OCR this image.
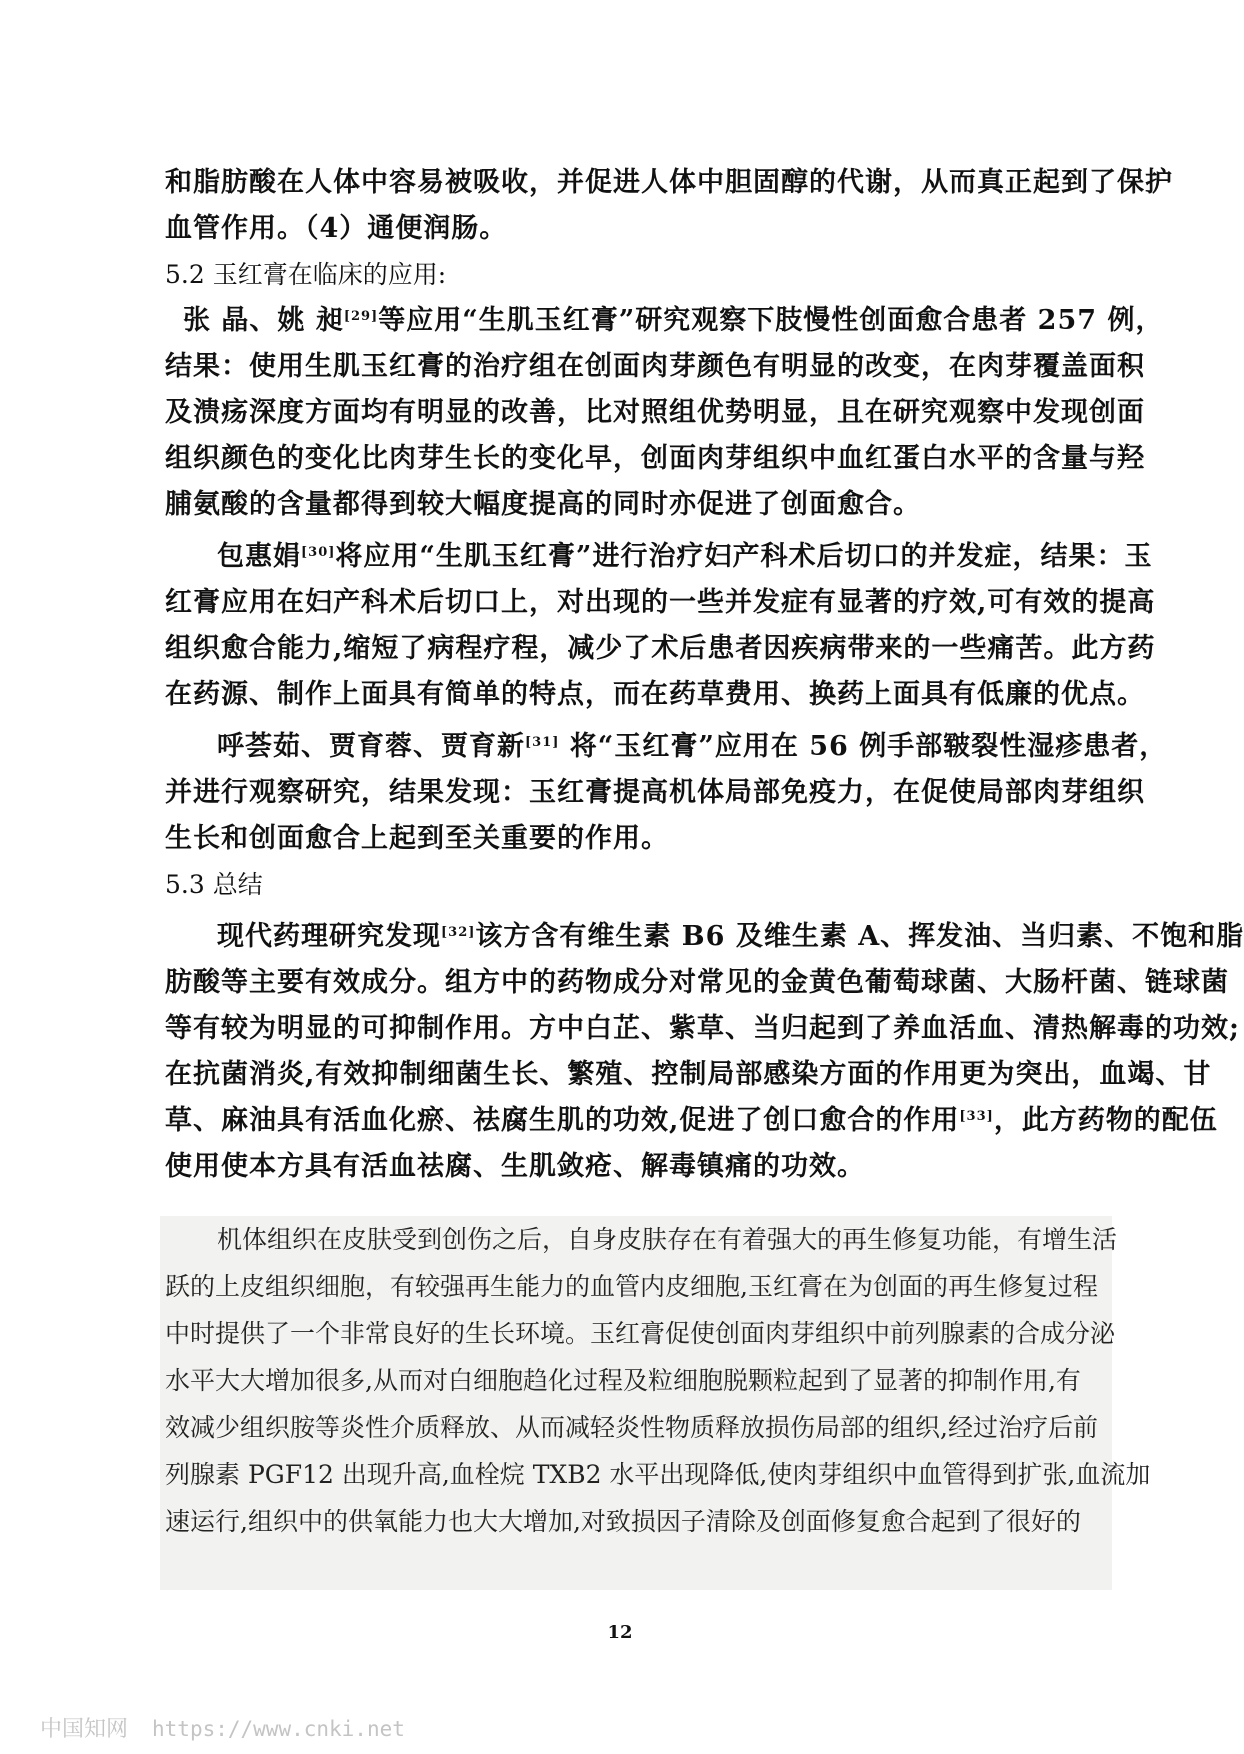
和脂肪酸在人体中容易被吸收，并促进人体中胆固醇的代谢，从而真正起到了保护
血管作用。（4）通便润肠。
5.2 玉红膏在临床的应用:
张 晶、姚 昶[29]等应用“生肌玉红膏”研究观察下肢慢性创面愈合患者 257 例，
结果：使用生肌玉红膏的治疗组在创面肉芽颜色有明显的改变，在肉芽覆盖面积
及溃疡深度方面均有明显的改善，比对照组优势明显，且在研究观察中发现创面
组织颜色的变化比肉芽生长的变化早，创面肉芽组织中血红蛋白水平的含量与羟
脯氨酸的含量都得到较大幅度提高的同时亦促进了创面愈合。
包惠娟[30]将应用“生肌玉红膏”进行治疗妇产科术后切口的并发症，结果：玉
红膏应用在妇产科术后切口上，对出现的一些并发症有显著的疗效,可有效的提高
组织愈合能力,缩短了病程疗程，减少了术后患者因疾病带来的一些痛苦。此方药
在药源、制作上面具有简单的特点，而在药草费用、换药上面具有低廉的优点。
呼荟茹、贾育蓉、贾育新[31] 将“玉红膏”应用在 56 例手部皲裂性湿疹患者，
并进行观察研究，结果发现：玉红膏提高机体局部免疫力，在促使局部肉芽组织
生长和创面愈合上起到至关重要的作用。
5.3 总结
现代药理研究发现[32]该方含有维生素 B6 及维生素 A、挥发油、当归素、不饱和脂
肪酸等主要有效成分。组方中的药物成分对常见的金黄色葡萄球菌、大肠杆菌、链球菌
等有较为明显的可抑制作用。方中白芷、紫草、当归起到了养血活血、清热解毒的功效;
在抗菌消炎,有效抑制细菌生长、繁殖、控制局部感染方面的作用更为突出，血竭、甘
草、麻油具有活血化瘀、祛腐生肌的功效,促进了创口愈合的作用[33]，此方药物的配伍
使用使本方具有活血祛腐、生肌敛疮、解毒镇痛的功效。
机体组织在皮肤受到创伤之后，自身皮肤存在有着强大的再生修复功能，有增生活
跃的上皮组织细胞，有较强再生能力的血管内皮细胞,玉红膏在为创面的再生修复过程
中时提供了一个非常良好的生长环境。玉红膏促使创面肉芽组织中前列腺素的合成分泌
水平大大增加很多,从而对白细胞趋化过程及粒细胞脱颗粒起到了显著的抑制作用,有
效减少组织胺等炎性介质释放、从而减轻炎性物质释放损伤局部的组织,经过治疗后前
列腺素 PGF12 出现升高,血栓烷 TXB2 水平出现降低,使肉芽组织中血管得到扩张,血流加
速运行,组织中的供氧能力也大大增加,对致损因子清除及创面修复愈合起到了很好的
12
中国知网 https://www.cnki.net
